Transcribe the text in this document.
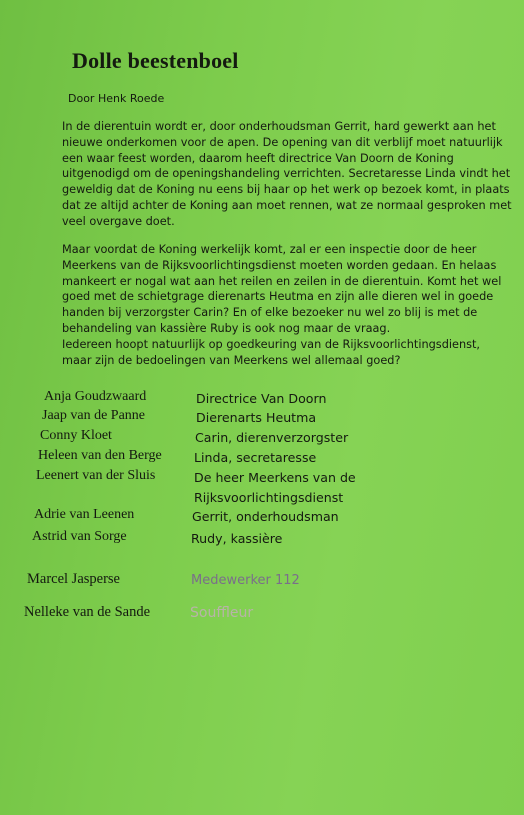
Dolle beestenboel
Door Henk Roede

In de dierentuin wordt er, door onderhoudsman Gerrit, hard gewerkt aan het
nieuwe onderkomen voor de apen. De opening van dit verblijf moet natuurlijk
een waar feest worden, daarom heeft directrice Van Doorn de Koning
uitgenodigd om de openingshandeling verrichten. Secretaresse Linda vindt het
geweldig dat de Koning nu eens bij haar op het werk op bezoek komt, in plaats
dat ze altijd achter de Koning aan moet rennen, wat ze normaal gesproken met
veel overgave doet.

Maar voordat de Koning werkelijk komt, zal er een inspectie door de heer
Meerkens van de Rijksvoorlichtingsdienst moeten worden gedaan. En helaas
mankeert er nogal wat aan het reilen en zeilen in de dierentuin. Komt het wel
goed met de schietgrage dierenarts Heutma en zijn alle dieren wel in goede
handen bij verzorgster Carin? En of elke bezoeker nu wel zo blij is met de
behandeling van kassière Ruby is ook nog maar de vraag.
Iedereen hoopt natuurlijk op goedkeuring van de Rijksvoorlichtingsdienst,
maar zijn de bedoelingen van Meerkens wel allemaal goed?

Anja Goudzwaard	Directrice Van Doorn
Jaap van de Panne	Dierenarts Heutma
Conny Kloet	Carin, dierenverzorgster
Heleen van den Berge	Linda, secretaresse
Leenert van der Sluis	De heer Meerkens van de
Rijksvoorlichtingsdienst
Adrie van Leenen	Gerrit, onderhoudsman
Astrid van Sorge	Rudy, kassière
Marcel Jasperse	Medewerker 112
Nelleke van de Sande	Souffleur
